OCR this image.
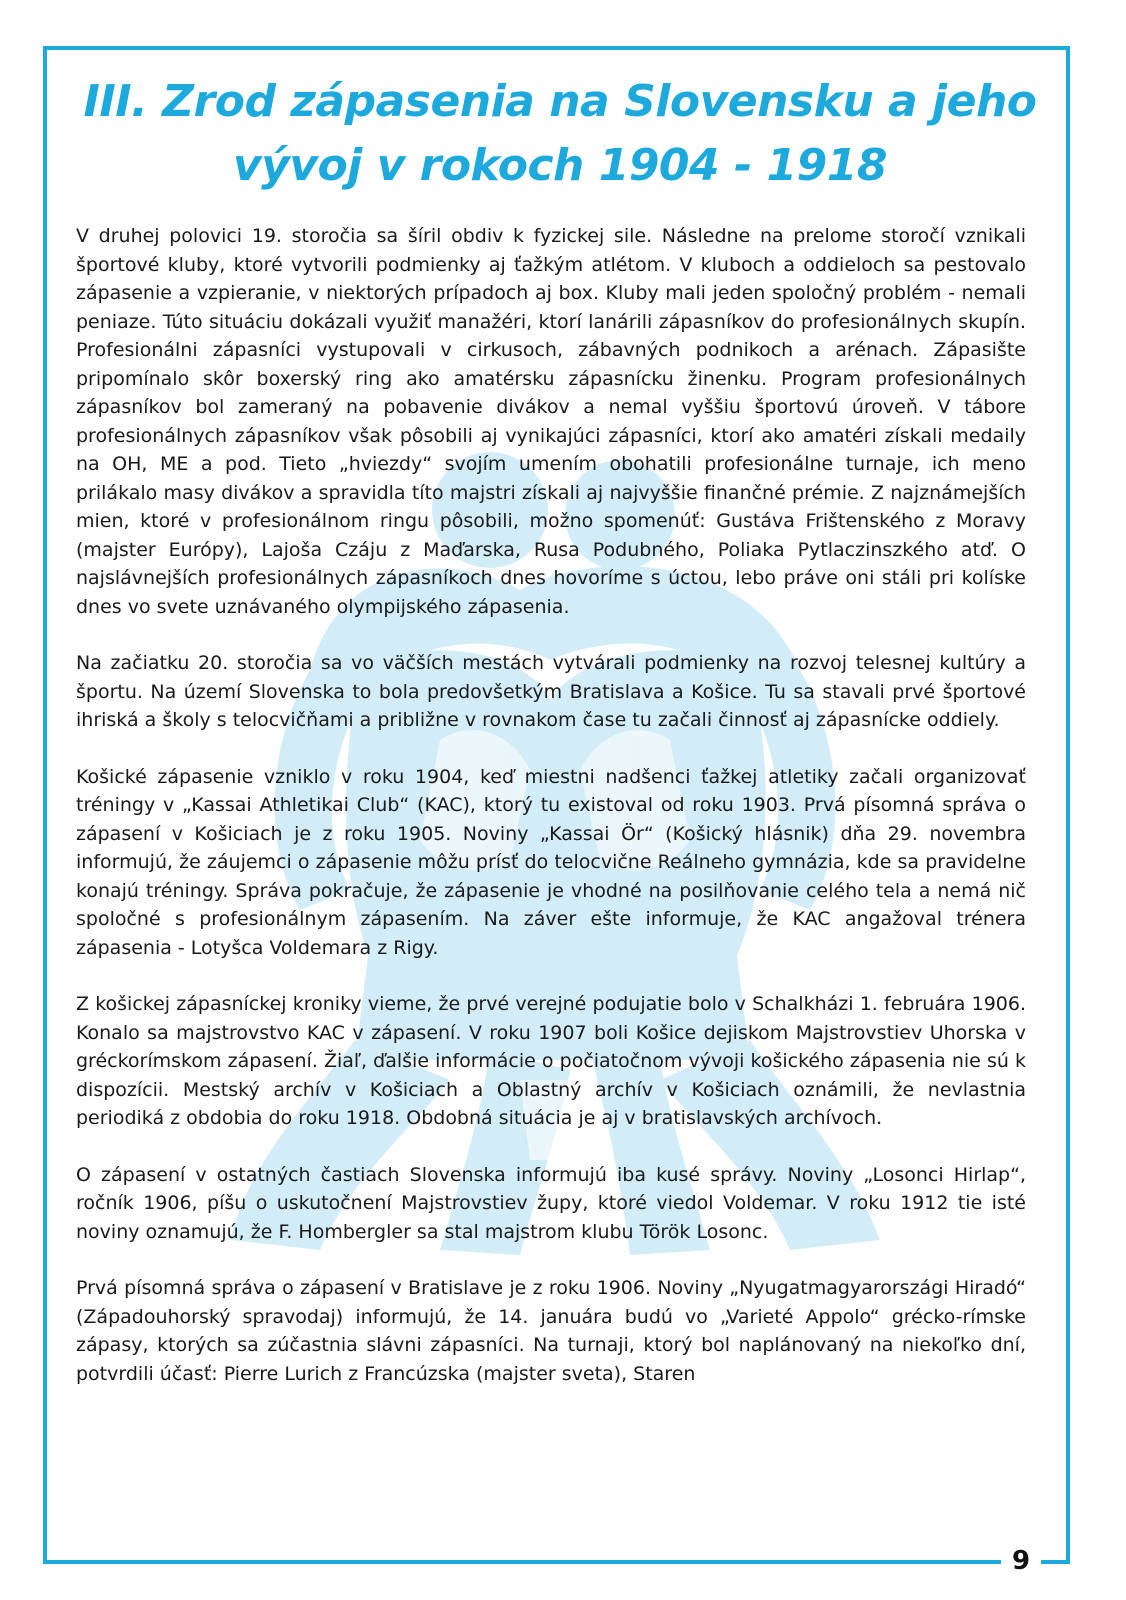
III. Zrod zápasenia na Slovensku a jeho
vývoj v rokoch 1904 - 1918

V druhej polovici 19. storočia sa šíril obdiv k fyzickej sile. Následne na prelome storočí vznikali športové kluby, ktoré vytvorili podmienky aj ťažkým atlétom. V kluboch a oddieloch sa pestovalo zápasenie a vzpieranie, v niektorých prípadoch aj box. Kluby mali jeden spoločný problém - nemali peniaze. Túto situáciu dokázali využiť manažéri, ktorí lanárili zápasníkov do profesionálnych skupín. Profesionálni zápasníci vystupovali v cirkusoch, zábavných podnikoch a arénach. Zápasište pripomínalo skôr boxerský ring ako amatérsku zápasnícku žinenku. Program profesionálnych zápasníkov bol zameraný na pobavenie divákov a nemal vyššiu športovú úroveň. V tábore profesionálnych zápasníkov však pôsobili aj vynikajúci zápasníci, ktorí ako amatéri získali medaily na OH, ME a pod. Tieto „hviezdy“ svojím umením obohatili profesionálne turnaje, ich meno prilákalo masy divákov a spravidla títo majstri získali aj najvyššie finančné prémie. Z najznámejších mien, ktoré v profesionálnom ringu pôsobili, možno spomenúť: Gustáva Frištenského z Moravy (majster Európy), Lajoša Czáju z Maďarska, Rusa Podubného, Poliaka Pytlaczinszkého atď. O najslávnejších profesionálnych zápasníkoch dnes hovoríme s úctou, lebo práve oni stáli pri kolíske dnes vo svete uznávaného olympijského zápasenia.

Na začiatku 20. storočia sa vo väčších mestách vytvárali podmienky na rozvoj telesnej kultúry a športu. Na území Slovenska to bola predovšetkým Bratislava a Košice. Tu sa stavali prvé športové ihriská a školy s telocvičňami a približne v rovnakom čase tu začali činnosť aj zápasnícke oddiely.

Košické zápasenie vzniklo v roku 1904, keď miestni nadšenci ťažkej atletiky začali organizovať tréningy v „Kassai Athletikai Club“ (KAC), ktorý tu existoval od roku 1903. Prvá písomná správa o zápasení v Košiciach je z roku 1905. Noviny „Kassai Ör“ (Košický hlásnik) dňa 29. novembra informujú, že záujemci o zápasenie môžu prísť do telocvične Reálneho gymnázia, kde sa pravidelne konajú tréningy. Správa pokračuje, že zápasenie je vhodné na posilňovanie celého tela a nemá nič spoločné s profesionálnym zápasením. Na záver ešte informuje, že KAC angažoval trénera zápasenia - Lotyšca Voldemara z Rigy.

Z košickej zápasníckej kroniky vieme, že prvé verejné podujatie bolo v Schalkházi 1. februára 1906. Konalo sa majstrovstvo KAC v zápasení. V roku 1907 boli Košice dejiskom Majstrovstiev Uhorska v gréckorímskom zápasení. Žiaľ, ďalšie informácie o počiatočnom vývoji košického zápasenia nie sú k dispozícii. Mestský archív v Košiciach a Oblastný archív v Košiciach oznámili, že nevlastnia periodiká z obdobia do roku 1918. Obdobná situácia je aj v bratislavských archívoch.

O zápasení v ostatných častiach Slovenska informujú iba kusé správy. Noviny „Losonci Hirlap“, ročník 1906, píšu o uskutočnení Majstrovstiev župy, ktoré viedol Voldemar. V roku 1912 tie isté noviny oznamujú, že F. Hombergler sa stal majstrom klubu Török Losonc.

Prvá písomná správa o zápasení v Bratislave je z roku 1906. Noviny „Nyugatmagyarországi Hiradó“ (Západouhorský spravodaj) informujú, že 14. januára budú vo „Varieté Appolo“ grécko-rímske zápasy, ktorých sa zúčastnia slávni zápasníci. Na turnaji, ktorý bol naplánovaný na niekoľko dní, potvrdili účasť: Pierre Lurich z Francúzska (majster sveta), Staren

9
